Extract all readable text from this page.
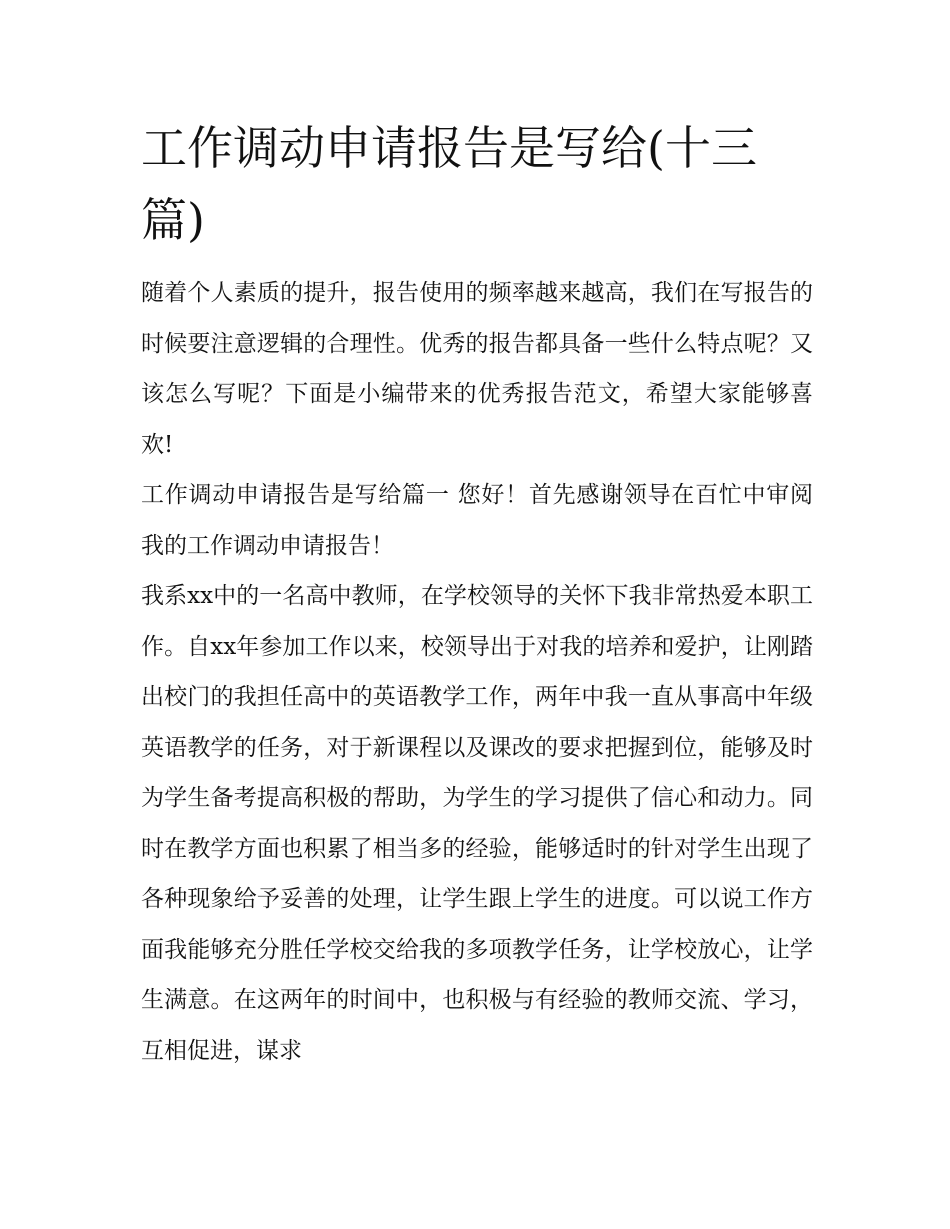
工作调动申请报告是写给(十三篇)

随着个人素质的提升，报告使用的频率越来越高，我们在写报告的时候要注意逻辑的合理性。优秀的报告都具备一些什么特点呢？又该怎么写呢？下面是小编带来的优秀报告范文，希望大家能够喜欢!

工作调动申请报告是写给篇一 您好！首先感谢领导在百忙中审阅我的工作调动申请报告！

我系xx中的一名高中教师，在学校领导的关怀下我非常热爱本职工作。自xx年参加工作以来，校领导出于对我的培养和爱护，让刚踏出校门的我担任高中的英语教学工作，两年中我一直从事高中年级英语教学的任务，对于新课程以及课改的要求把握到位，能够及时为学生备考提高积极的帮助，为学生的学习提供了信心和动力。同时在教学方面也积累了相当多的经验，能够适时的针对学生出现了各种现象给予妥善的处理，让学生跟上学生的进度。可以说工作方面我能够充分胜任学校交给我的多项教学任务，让学校放心，让学生满意。在这两年的时间中，也积极与有经验的教师交流、学习，互相促进，谋求
